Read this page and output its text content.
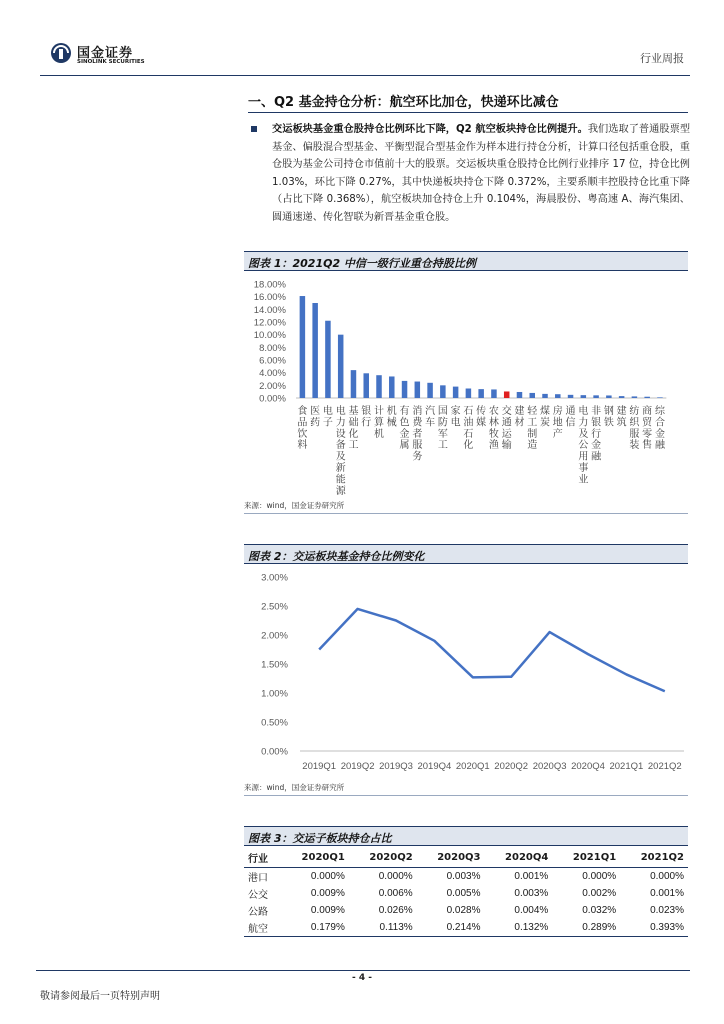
国金证券
SINOLINK SECURITIES	行业周报
一、Q2 基金持仓分析：航空环比加仓，快递环比减仓
交运板块基金重仓股持仓比例环比下降，Q2 航空板块持仓比例提升。我们选取了普通股票型基金、偏股混合型基金、平衡型混合型基金作为样本进行持仓分析，计算口径包括重仓股，重仓股为基金公司持仓市值前十大的股票。交运板块重仓股持仓比例行业排序 17 位，持仓比例 1.03%，环比下降 0.27%，其中快递板块持仓下降 0.372%，主要系顺丰控股持仓比重下降（占比下降 0.368%），航空板块加仓持仓上升 0.104%，海晨股份、粤高速 A、海汽集团、圆通速递、传化智联为新晋基金重仓股。
图表 1：2021Q2 中信一级行业重仓持股比例
18.00%
16.00%
14.00%
12.00%
10.00%
8.00%
6.00%
4.00%
2.00%
0.00%
食品饮料
医药
电子
电力设备及新能源
基础化工
银行
计算机
机械
有色金属
消费者服务
汽车
国防军工
家电
石油石化
传媒
农林牧渔
交通运输
建材
轻工制造
煤炭
房地产
通信
电力及公用事业
非银行金融
钢铁
建筑
纺织服装
商贸零售
综合金融
来源：wind，国金证券研究所
图表 2：交运板块基金持仓比例变化
3.00%
2.50%
2.00%
1.50%
1.00%
0.50%
0.00%
2019Q1 2019Q2 2019Q3 2019Q4 2020Q1 2020Q2 2020Q3 2020Q4 2021Q1 2021Q2
来源：wind，国金证券研究所
图表 3：交运子板块持仓占比
行业	2020Q1	2020Q2	2020Q3	2020Q4	2021Q1	2021Q2
港口	0.000%	0.000%	0.003%	0.001%	0.000%	0.000%
公交	0.009%	0.006%	0.005%	0.003%	0.002%	0.001%
公路	0.009%	0.026%	0.028%	0.004%	0.032%	0.023%
航空	0.179%	0.113%	0.214%	0.132%	0.289%	0.393%
- 4 -
敬请参阅最后一页特别声明
